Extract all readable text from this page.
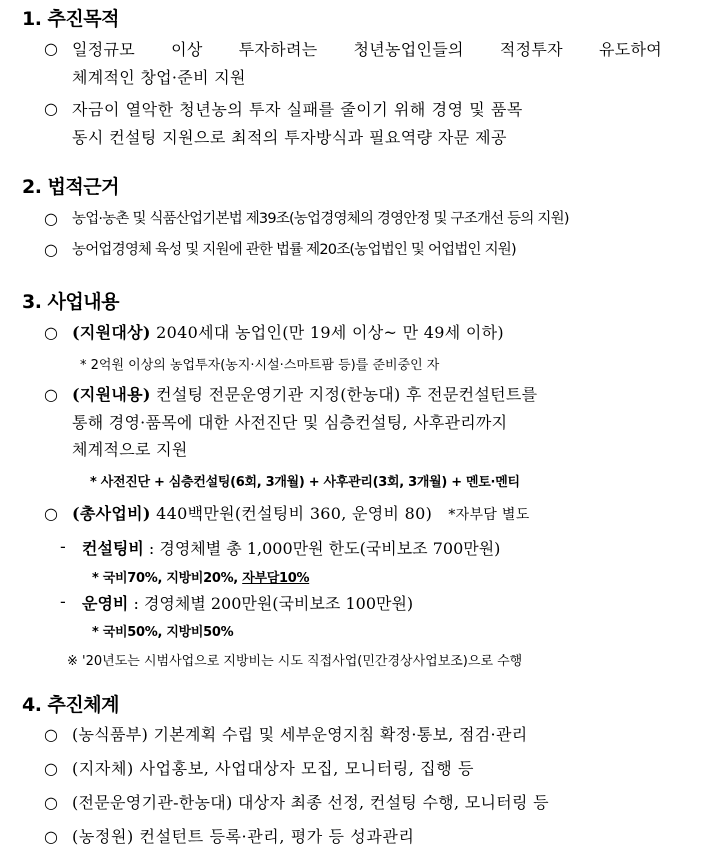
1. 추진목적
○ 일정규모 이상 투자하려는 청년농업인들의 적정투자 유도하여
체계적인 창업·준비 지원
○ 자금이 열악한 청년농의 투자 실패를 줄이기 위해 경영 및 품목
동시 컨설팅 지원으로 최적의 투자방식과 필요역량 자문 제공
2. 법적근거
○ 농업·농촌 및 식품산업기본법 제39조(농업경영체의 경영안정 및 구조개선 등의 지원)
○ 농어업경영체 육성 및 지원에 관한 법률 제20조(농업법인 및 어업법인 지원)
3. 사업내용
○ (지원대상) 2040세대 농업인(만 19세 이상~ 만 49세 이하)
* 2억원 이상의 농업투자(농지·시설·스마트팜 등)를 준비중인 자
○ (지원내용) 컨설팅 전문운영기관 지정(한농대) 후 전문컨설턴트를
통해 경영·품목에 대한 사전진단 및 심층컨설팅, 사후관리까지
체계적으로 지원
* 사전진단 + 심층컨설팅(6회, 3개월) + 사후관리(3회, 3개월) + 멘토·멘티
○ (총사업비) 440백만원(컨설팅비 360, 운영비 80) *자부담 별도
- 컨설팅비 : 경영체별 총 1,000만원 한도(국비보조 700만원)
* 국비70%, 지방비20%, 자부담10%
- 운영비 : 경영체별 200만원(국비보조 100만원)
* 국비50%, 지방비50%
※ '20년도는 시범사업으로 지방비는 시도 직접사업(민간경상사업보조)으로 수행
4. 추진체계
○ (농식품부) 기본계획 수립 및 세부운영지침 확정·통보, 점검·관리
○ (지자체) 사업홍보, 사업대상자 모집, 모니터링, 집행 등
○ (전문운영기관-한농대) 대상자 최종 선정, 컨설팅 수행, 모니터링 등
○ (농정원) 컨설턴트 등록·관리, 평가 등 성과관리
